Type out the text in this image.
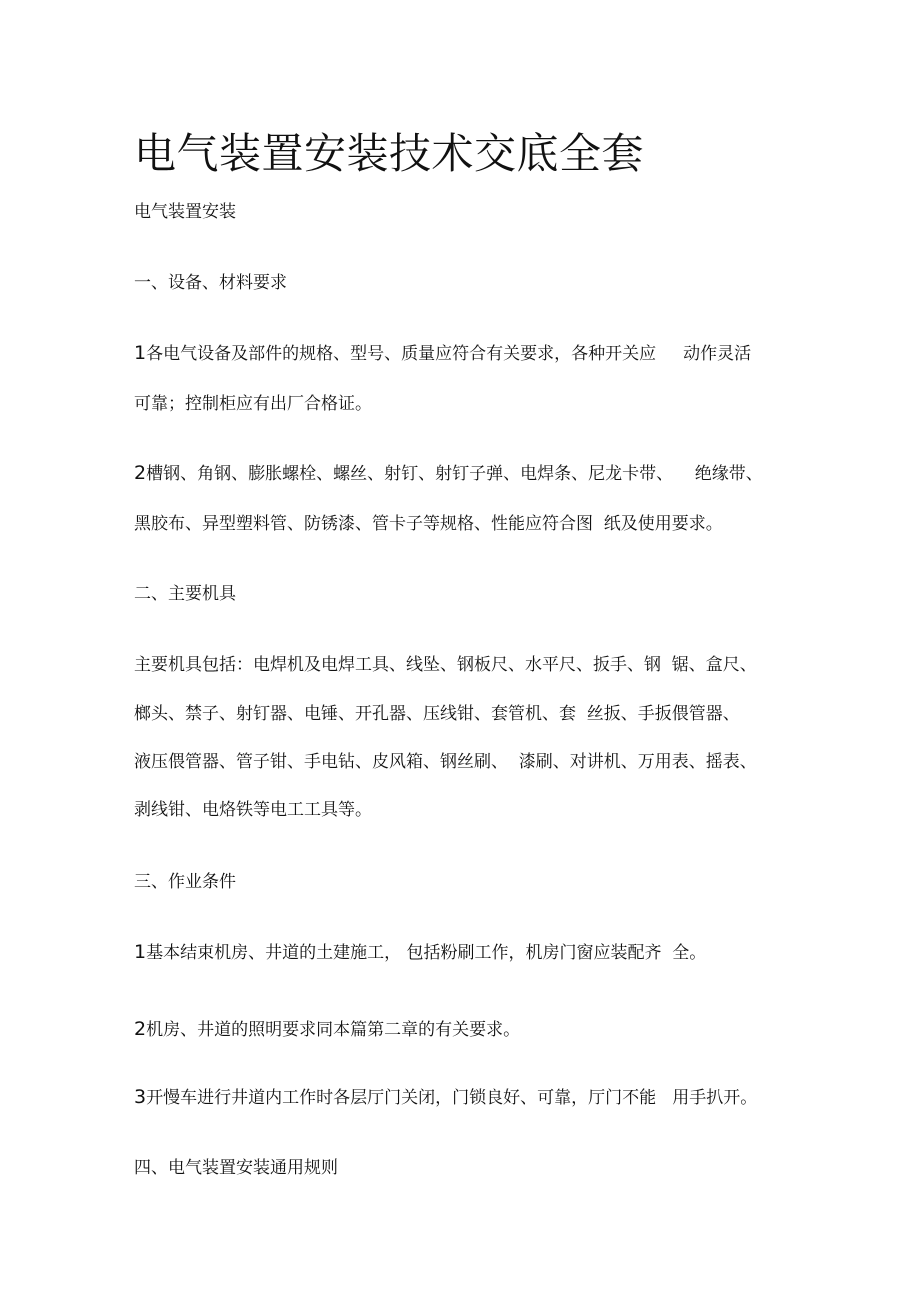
电气装置安装技术交底全套

电气装置安装

一、设备、材料要求

1各电气设备及部件的规格、型号、质量应符合有关要求，各种开关应     动作灵活

可靠；控制柜应有出厂合格证。

2槽钢、角钢、膨胀螺栓、螺丝、射钉、射钉子弹、电焊条、尼龙卡带、    绝缘带、

黑胶布、异型塑料管、防锈漆、管卡子等规格、性能应符合图  纸及使用要求。

二、主要机具

主要机具包括：电焊机及电焊工具、线坠、钢板尺、水平尺、扳手、钢  锯、盒尺、

榔头、禁子、射钉器、电锤、开孔器、压线钳、套管机、套  丝扳、手扳偎管器、

液压偎管器、管子钳、手电钻、皮风箱、钢丝刷、  漆刷、对讲机、万用表、摇表、

剥线钳、电烙铁等电工工具等。

三、作业条件

1基本结束机房、井道的土建施工， 包括粉刷工作，机房门窗应装配齐  全。

2机房、井道的照明要求同本篇第二章的有关要求。

3开慢车进行井道内工作时各层厅门关闭，门锁良好、可靠，厅门不能   用手扒开。

四、电气装置安装通用规则
